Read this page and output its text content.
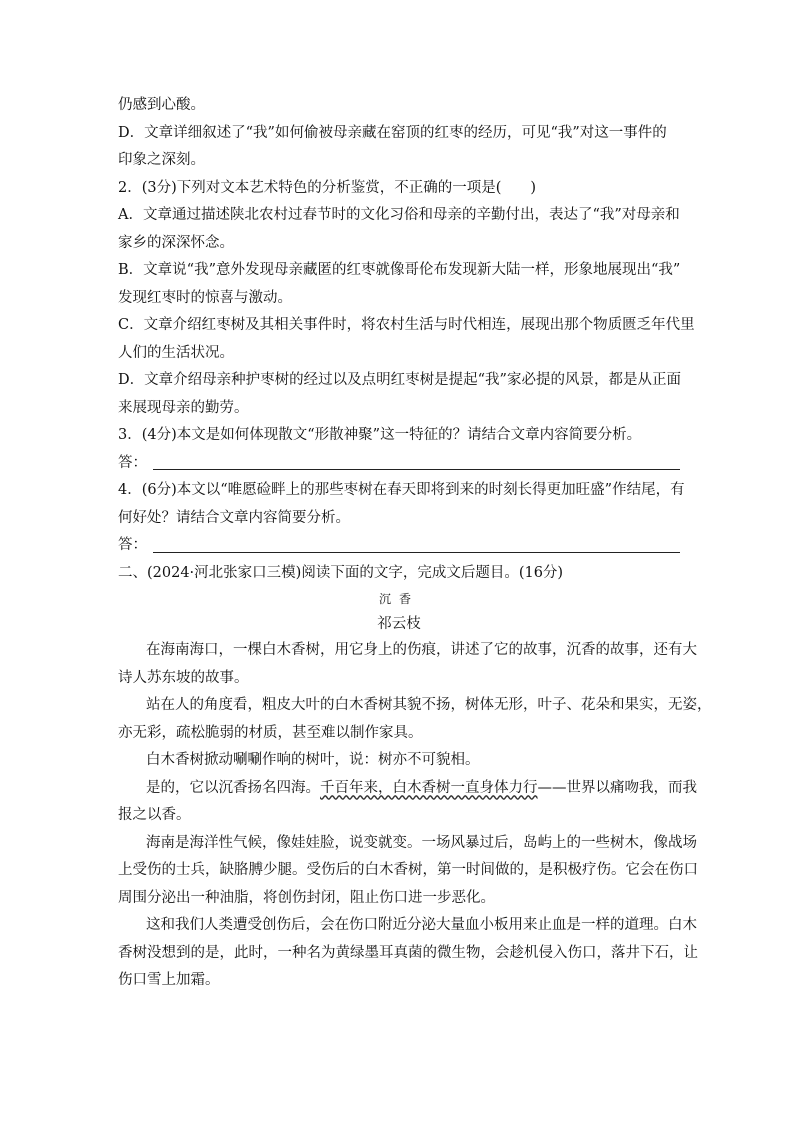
仍感到心酸。
D．文章详细叙述了“我”如何偷被母亲藏在窑顶的红枣的经历，可见“我”对这一事件的
印象之深刻。
2．(3分)下列对文本艺术特色的分析鉴赏，不正确的一项是(　　)
A．文章通过描述陕北农村过春节时的文化习俗和母亲的辛勤付出，表达了“我”对母亲和
家乡的深深怀念。
B．文章说“我”意外发现母亲藏匿的红枣就像哥伦布发现新大陆一样，形象地展现出“我”
发现红枣时的惊喜与激动。
C．文章介绍红枣树及其相关事件时，将农村生活与时代相连，展现出那个物质匮乏年代里
人们的生活状况。
D．文章介绍母亲种护枣树的经过以及点明红枣树是提起“我”家必提的风景，都是从正面
来展现母亲的勤劳。
3．(4分)本文是如何体现散文“形散神聚”这一特征的？请结合文章内容简要分析。
答：
4．(6分)本文以“唯愿硷畔上的那些枣树在春天即将到来的时刻长得更加旺盛”作结尾，有
何好处？请结合文章内容简要分析。
答：
二、(2024·河北张家口三模)阅读下面的文字，完成文后题目。(16分)
沉香
祁云枝
在海南海口，一棵白木香树，用它身上的伤痕，讲述了它的故事，沉香的故事，还有大
诗人苏东坡的故事。
站在人的角度看，粗皮大叶的白木香树其貌不扬，树体无形，叶子、花朵和果实，无姿，
亦无彩，疏松脆弱的材质，甚至难以制作家具。
白木香树掀动唰唰作响的树叶，说：树亦不可貌相。
是的，它以沉香扬名四海。千百年来，白木香树一直身体力行——世界以痛吻我，而我
报之以香。
海南是海洋性气候，像娃娃脸，说变就变。一场风暴过后，岛屿上的一些树木，像战场
上受伤的士兵，缺胳膊少腿。受伤后的白木香树，第一时间做的，是积极疗伤。它会在伤口
周围分泌出一种油脂，将创伤封闭，阻止伤口进一步恶化。
这和我们人类遭受创伤后，会在伤口附近分泌大量血小板用来止血是一样的道理。白木
香树没想到的是，此时，一种名为黄绿墨耳真菌的微生物，会趁机侵入伤口，落井下石，让
伤口雪上加霜。
